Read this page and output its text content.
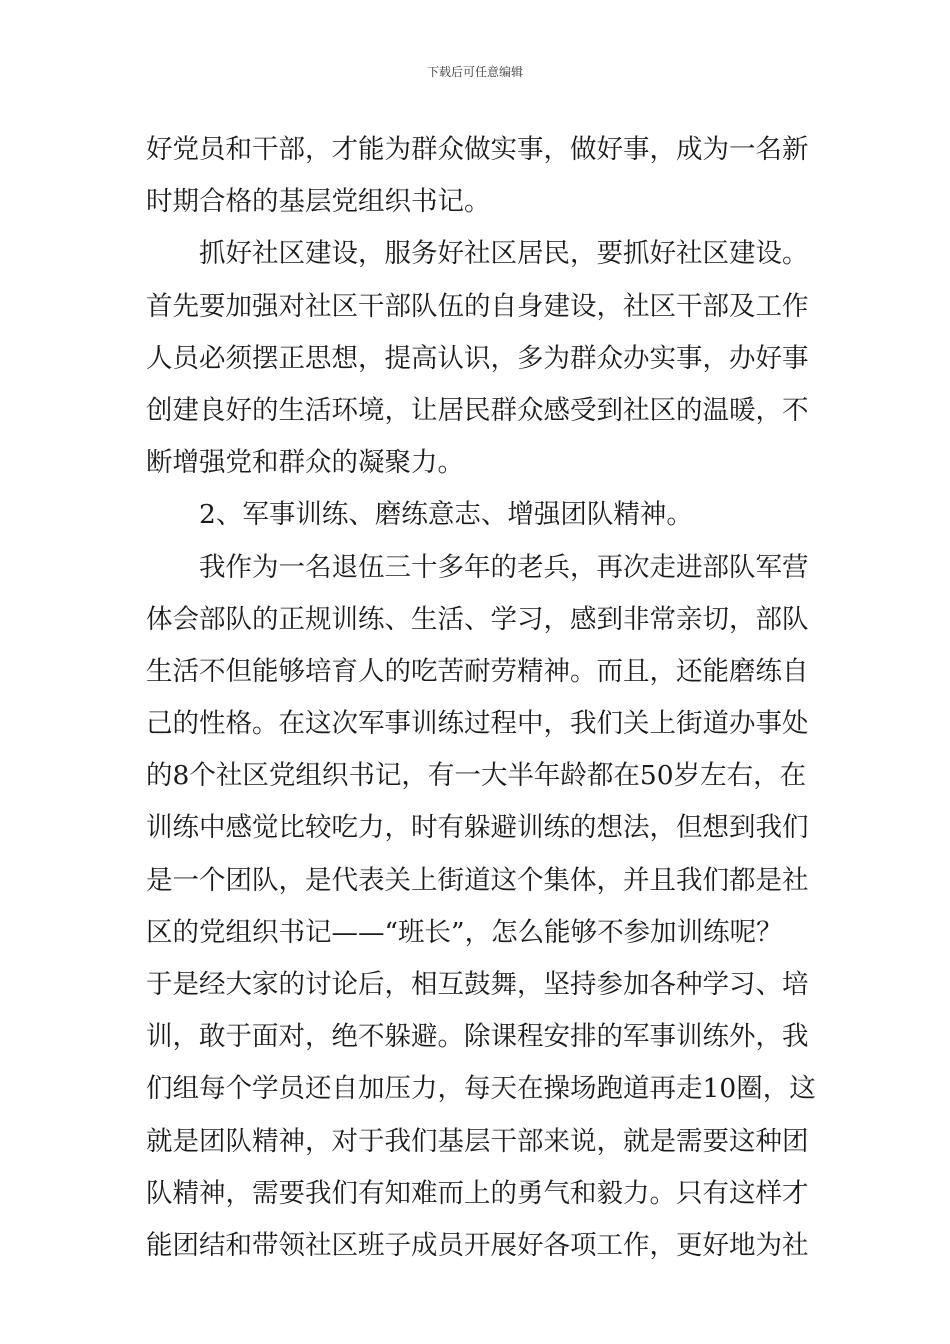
下载后可任意编辑
好党员和干部，才能为群众做实事，做好事，成为一名新
时期合格的基层党组织书记。
抓好社区建设，服务好社区居民，要抓好社区建设。
首先要加强对社区干部队伍的自身建设，社区干部及工作
人员必须摆正思想，提高认识，多为群众办实事，办好事
创建良好的生活环境，让居民群众感受到社区的温暖，不
断增强党和群众的凝聚力。
2、军事训练、磨练意志、增强团队精神。
我作为一名退伍三十多年的老兵，再次走进部队军营
体会部队的正规训练、生活、学习，感到非常亲切，部队
生活不但能够培育人的吃苦耐劳精神。而且，还能磨练自
己的性格。在这次军事训练过程中，我们关上街道办事处
的8个社区党组织书记，有一大半年龄都在50岁左右，在
训练中感觉比较吃力，时有躲避训练的想法，但想到我们
是一个团队，是代表关上街道这个集体，并且我们都是社
区的党组织书记——“班长”，怎么能够不参加训练呢？
于是经大家的讨论后，相互鼓舞，坚持参加各种学习、培
训，敢于面对，绝不躲避。除课程安排的军事训练外，我
们组每个学员还自加压力，每天在操场跑道再走10圈，这
就是团队精神，对于我们基层干部来说，就是需要这种团
队精神，需要我们有知难而上的勇气和毅力。只有这样才
能团结和带领社区班子成员开展好各项工作，更好地为社
